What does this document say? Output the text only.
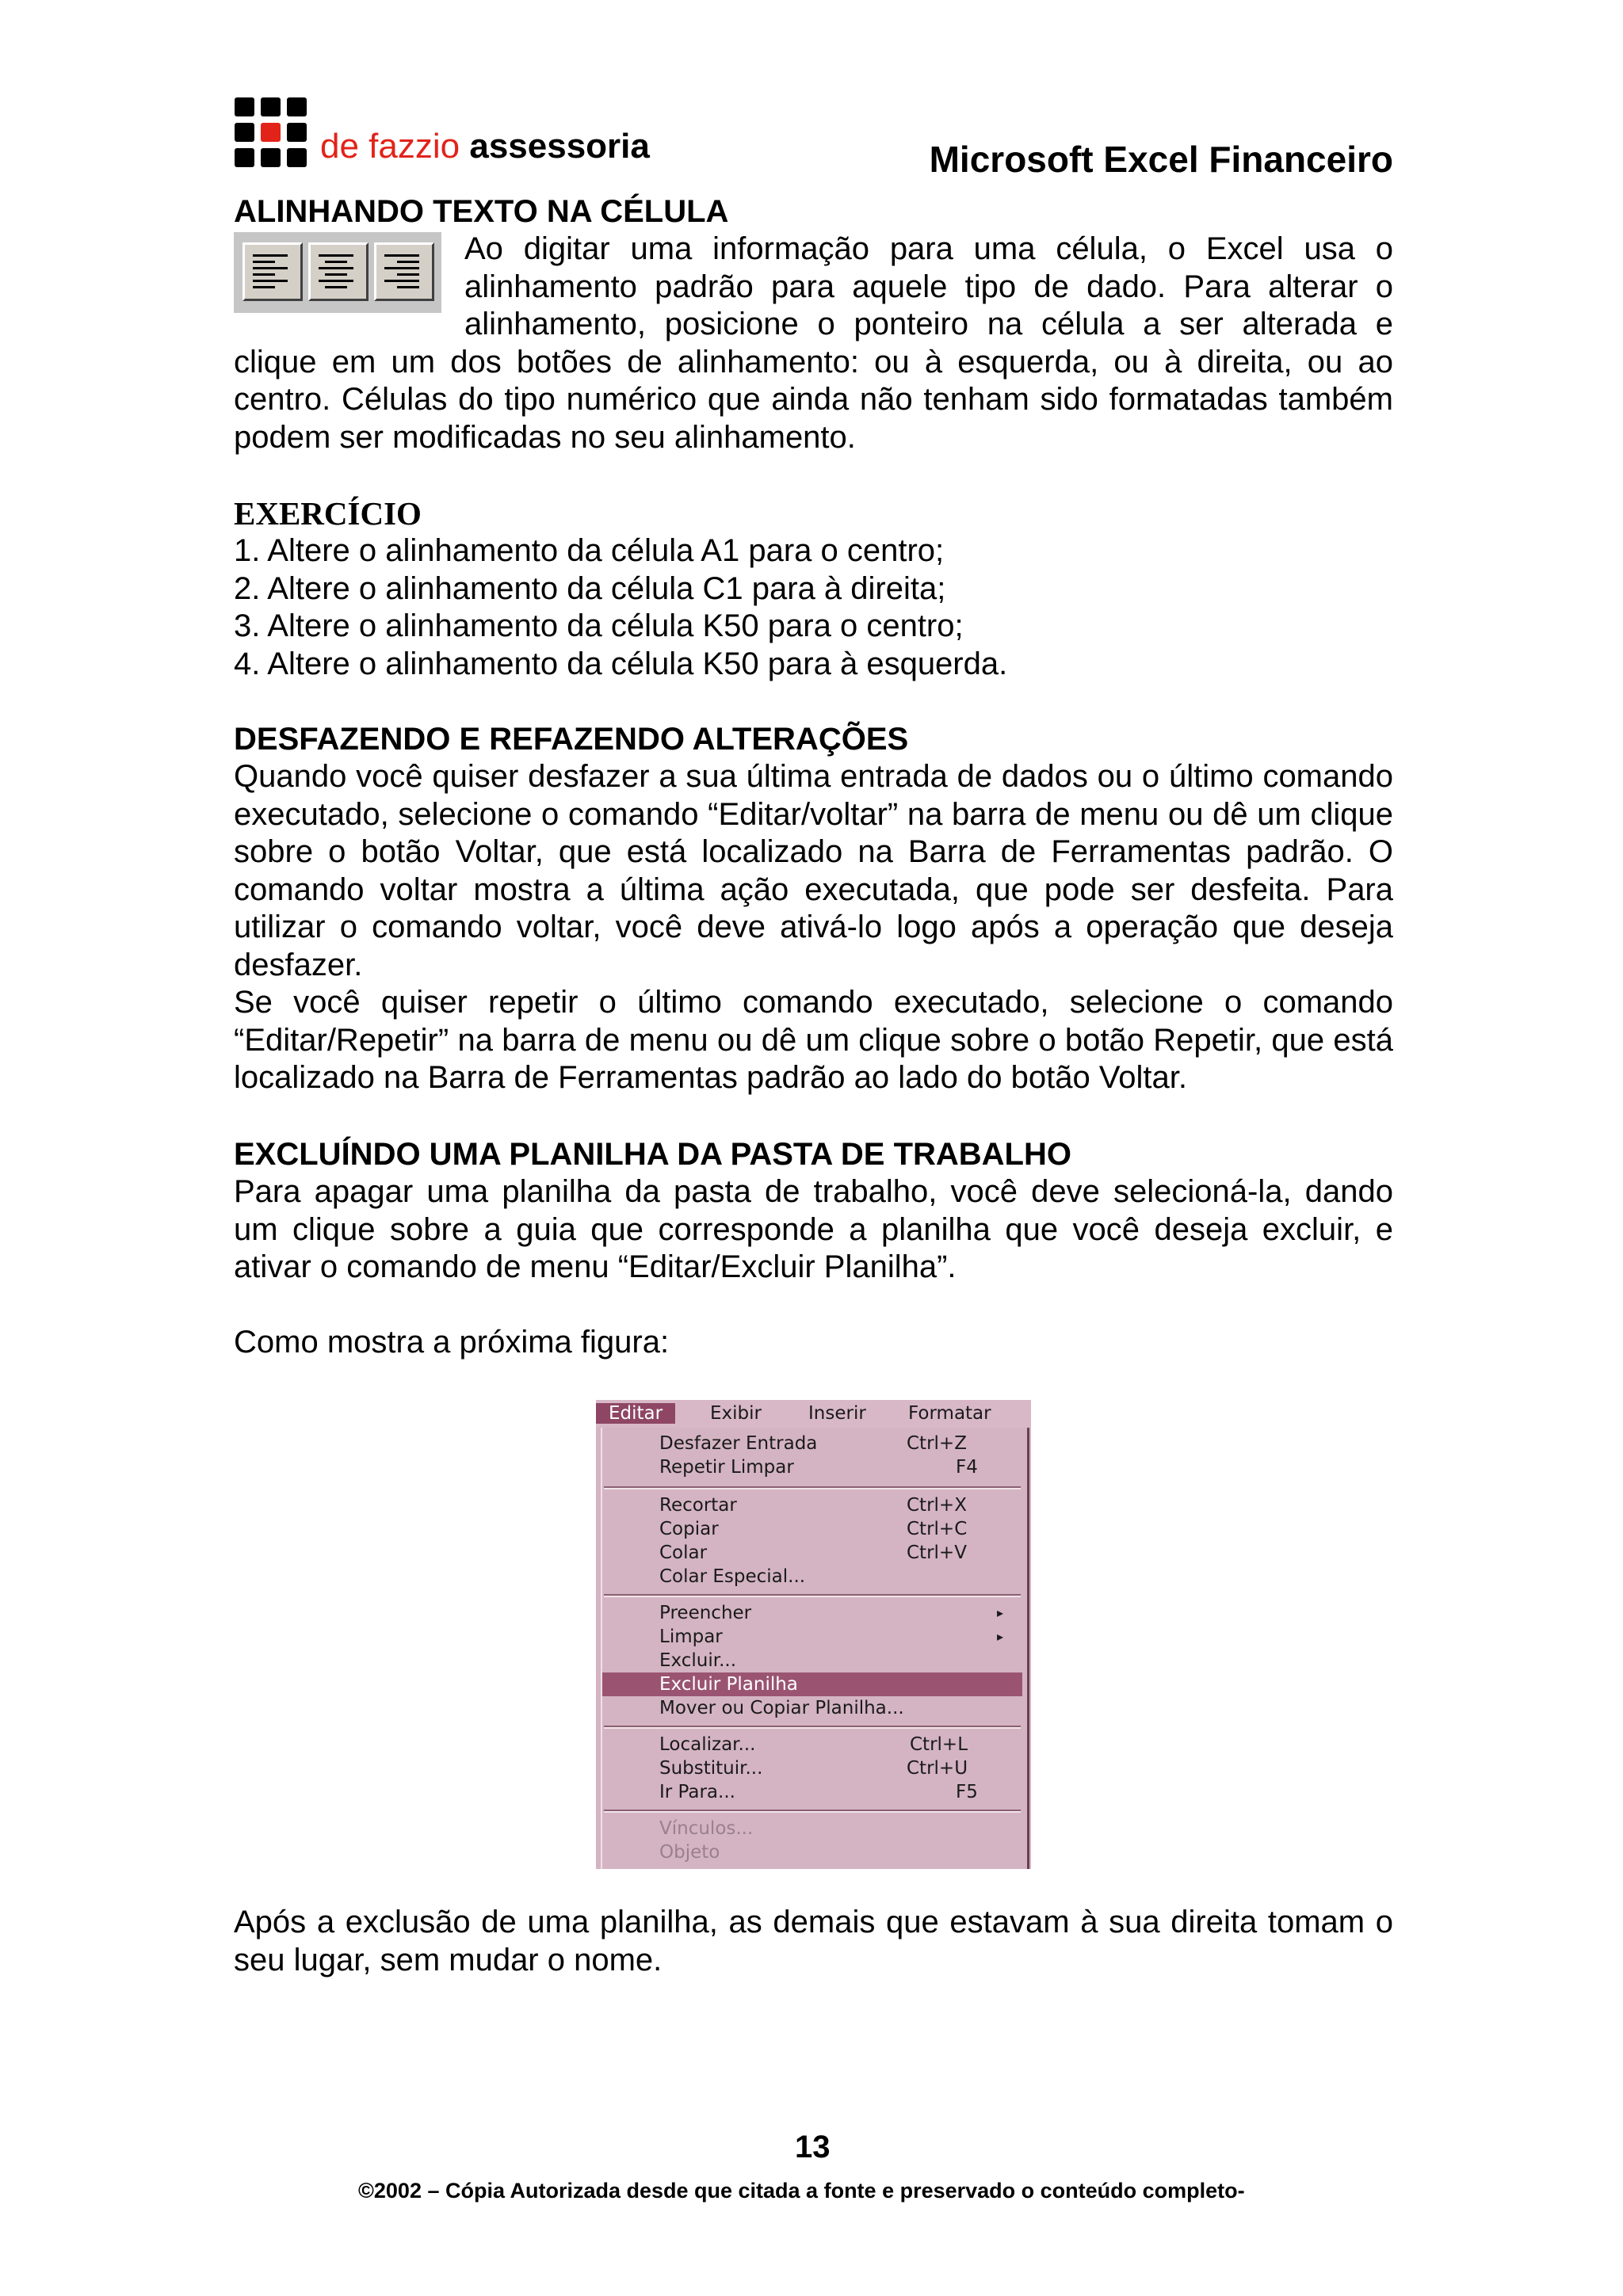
de fazzio assessoria	Microsoft Excel Financeiro
ALINHANDO TEXTO NA CÉLULA
Ao digitar uma informação para uma célula, o Excel usa o alinhamento padrão para aquele tipo de dado. Para alterar o alinhamento, posicione o ponteiro na célula a ser alterada e clique em um dos botões de alinhamento: ou à esquerda, ou à direita, ou ao centro. Células do tipo numérico que ainda não tenham sido formatadas também podem ser modificadas no seu alinhamento.
EXERCÍCIO
1. Altere o alinhamento da célula A1 para o centro;
2. Altere o alinhamento da célula C1 para à direita;
3. Altere o alinhamento da célula K50 para o centro;
4. Altere o alinhamento da célula K50 para à esquerda.
DESFAZENDO E REFAZENDO ALTERAÇÕES

Quando você quiser desfazer a sua última entrada de dados ou o último comando executado, selecione o comando “Editar/voltar” na barra de menu ou dê um clique sobre o botão Voltar, que está localizado na Barra de Ferramentas padrão. O comando voltar mostra a última ação executada, que pode ser desfeita. Para utilizar o comando voltar, você deve ativá-lo logo após a operação que deseja desfazer.

Se você quiser repetir o último comando executado, selecione o comando “Editar/Repetir” na barra de menu ou dê um clique sobre o botão Repetir, que está localizado na Barra de Ferramentas padrão ao lado do botão Voltar.

EXCLUÍNDO UMA PLANILHA DA PASTA DE TRABALHO

Para apagar uma planilha da pasta de trabalho, você deve selecioná-la, dando um clique sobre a guia que corresponde a planilha que você deseja excluir, e ativar o comando de menu “Editar/Excluir Planilha”.

Como mostra a próxima figura:

Editar	Exibir	Inserir Formatar
Desfazer Entrada	Ctrl+Z
Repetir Limpar	F4
Recortar	Ctrl+X
Copiar	Ctrl+C
Colar	Ctrl+V
Colar Especial...
Preencher	▸
Limpar	▸
Excluir...
Excluir Planilha
Mover ou Copiar Planilha...
Localizar...	Ctrl+L
Substituir...	Ctrl+U
Ir Para...	F5
Vínculos...
Objeto

Após a exclusão de uma planilha, as demais que estavam à sua direita tomam o seu lugar, sem mudar o nome.

13
©2002 – Cópia Autorizada desde que citada a fonte e preservado o conteúdo completo-
